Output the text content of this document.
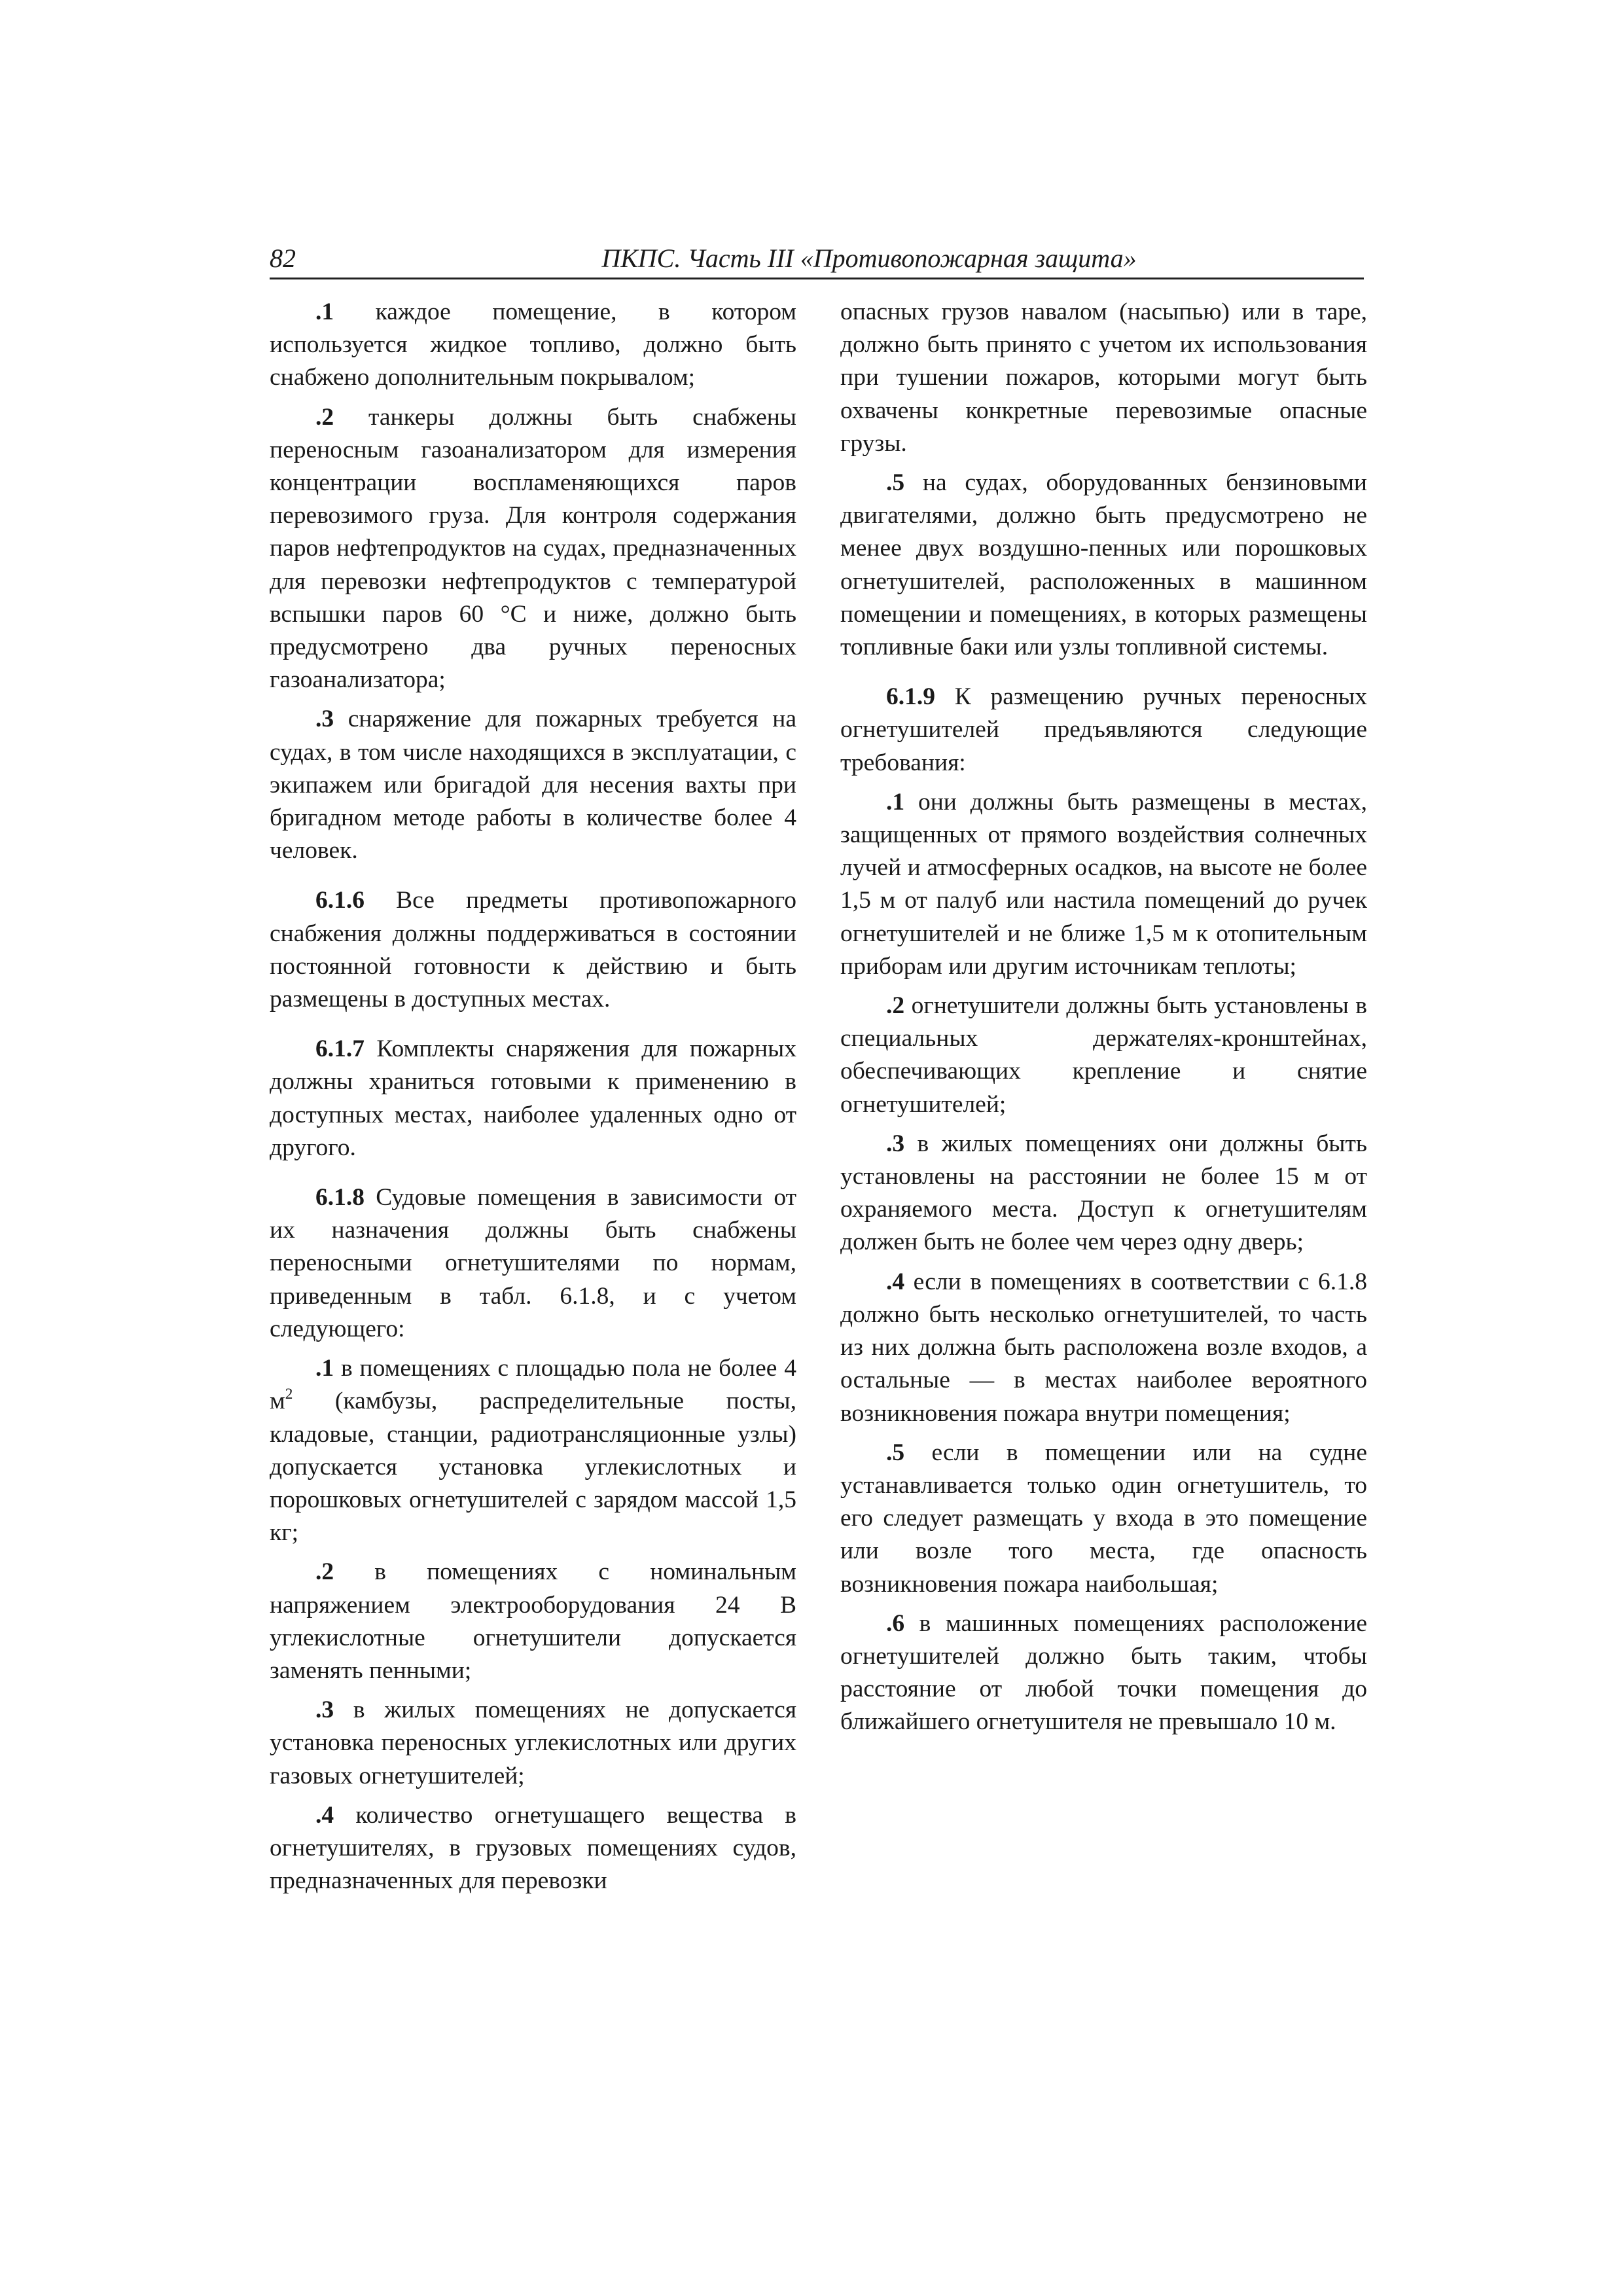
82	ПКПС. Часть III «Противопожарная защита»

.1 каждое помещение, в котором используется жидкое топливо, должно быть снабжено дополнительным покрывалом;

.2 танкеры должны быть снабжены переносным газоанализатором для измерения концентрации воспламеняющихся паров перевозимого груза. Для контроля содержания паров нефтепродуктов на судах, предназначенных для перевозки нефтепродуктов с температурой вспышки паров 60 °С и ниже, должно быть предусмотрено два ручных переносных газоанализатора;

.3 снаряжение для пожарных требуется на судах, в том числе находящихся в эксплуатации, с экипажем или бригадой для несения вахты при бригадном методе работы в количестве более 4 человек.

6.1.6 Все предметы противопожарного снабжения должны поддерживаться в состоянии постоянной готовности к действию и быть размещены в доступных местах.

6.1.7 Комплекты снаряжения для пожарных должны храниться готовыми к применению в доступных местах, наиболее удаленных одно от другого.

6.1.8 Судовые помещения в зависимости от их назначения должны быть снабжены переносными огнетушителями по нормам, приведенным в табл. 6.1.8, и с учетом следующего:

.1 в помещениях с площадью пола не более 4 $м^2$ (камбузы, распределительные посты, кладовые, станции, радиотрансляционные узлы) допускается установка углекислотных и порошковых огнетушителей с зарядом массой 1,5 кг;

.2 в помещениях с номинальным напряжением электрооборудования 24 В углекислотные огнетушители допускается заменять пенными;

.3 в жилых помещениях не допускается установка переносных углекислотных или других газовых огнетушителей;

.4 количество огнетушащего вещества в огнетушителях, в грузовых помещениях судов, предназначенных для перевозки

опасных грузов навалом (насыпью) или в таре, должно быть принято с учетом их использования при тушении пожаров, которыми могут быть охвачены конкретные перевозимые опасные грузы.

.5 на судах, оборудованных бензиновыми двигателями, должно быть предусмотрено не менее двух воздушно-пенных или порошковых огнетушителей, расположенных в машинном помещении и помещениях, в которых размещены топливные баки или узлы топливной системы.

6.1.9 К размещению ручных переносных огнетушителей предъявляются следующие требования:

.1 они должны быть размещены в местах, защищенных от прямого воздействия солнечных лучей и атмосферных осадков, на высоте не более 1,5 м от палуб или настила помещений до ручек огнетушителей и не ближе 1,5 м к отопительным приборам или другим источникам теплоты;

.2 огнетушители должны быть установлены в специальных держателях-кронштейнах, обеспечивающих крепление и снятие огнетушителей;

.3 в жилых помещениях они должны быть установлены на расстоянии не более 15 м от охраняемого места. Доступ к огнетушителям должен быть не более чем через одну дверь;

.4 если в помещениях в соответствии с 6.1.8 должно быть несколько огнетушителей, то часть из них должна быть расположена возле входов, а остальные — в местах наиболее вероятного возникновения пожара внутри помещения;

.5 если в помещении или на судне устанавливается только один огнетушитель, то его следует размещать у входа в это помещение или возле того места, где опасность возникновения пожара наибольшая;

.6 в машинных помещениях расположение огнетушителей должно быть таким, чтобы расстояние от любой точки помещения до ближайшего огнетушителя не превышало 10 м.
